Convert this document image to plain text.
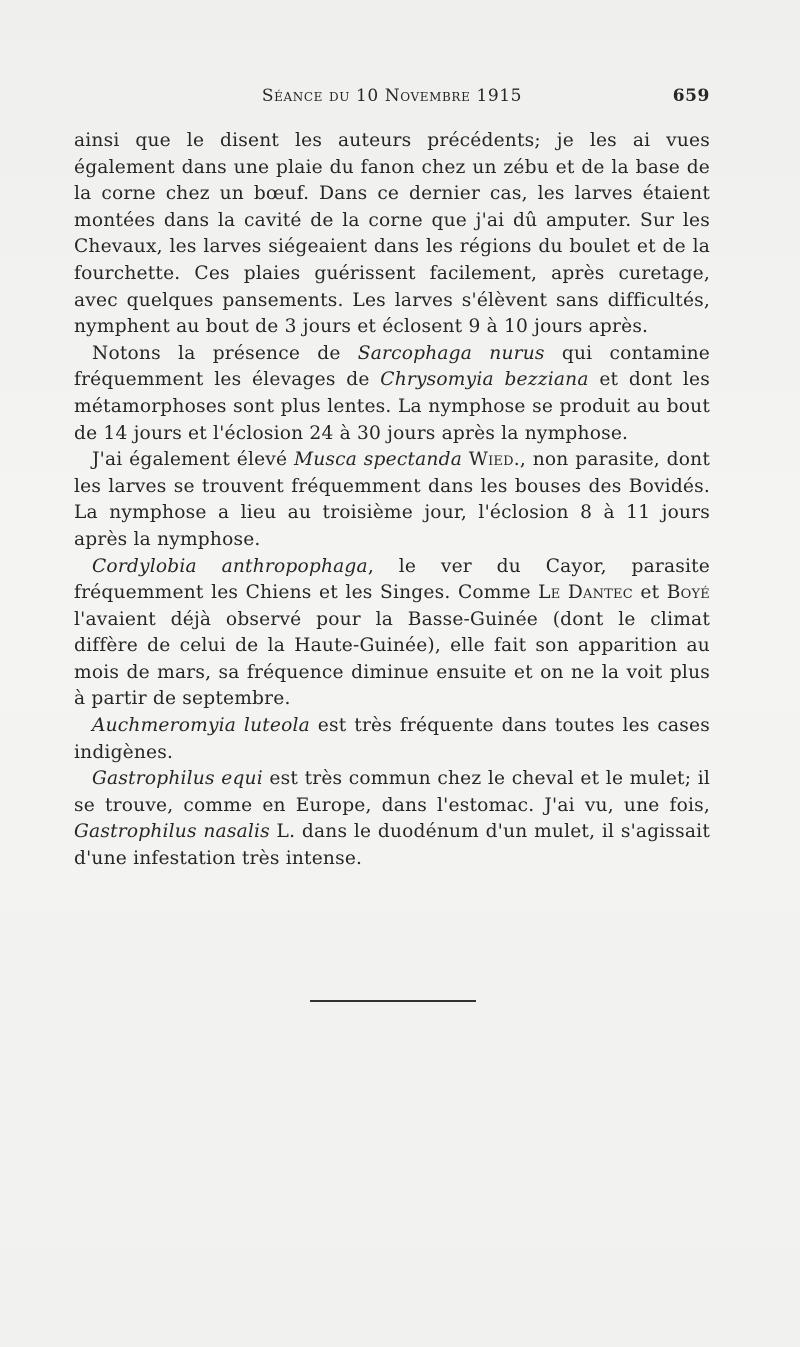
Séance du 10 Novembre 1915	659

ainsi que le disent les auteurs précédents; je les ai vues également dans une plaie du fanon chez un zébu et de la base de la corne chez un bœuf. Dans ce dernier cas, les larves étaient montées dans la cavité de la corne que j'ai dû amputer. Sur les Chevaux, les larves siégeaient dans les régions du boulet et de la fourchette. Ces plaies guérissent facilement, après curetage, avec quelques pansements. Les larves s'élèvent sans difficultés, nymphent au bout de 3 jours et éclosent 9 à 10 jours après.

Notons la présence de Sarcophaga nurus qui contamine fréquemment les élevages de Chrysomyia bezziana et dont les métamorphoses sont plus lentes. La nymphose se produit au bout de 14 jours et l'éclosion 24 à 30 jours après la nymphose.

J'ai également élevé Musca spectanda Wied., non parasite, dont les larves se trouvent fréquemment dans les bouses des Bovidés. La nymphose a lieu au troisième jour, l'éclosion 8 à 11 jours après la nymphose.

Cordylobia anthropophaga, le ver du Cayor, parasite fréquemment les Chiens et les Singes. Comme Le Dantec et Boyé l'avaient déjà observé pour la Basse-Guinée (dont le climat diffère de celui de la Haute-Guinée), elle fait son apparition au mois de mars, sa fréquence diminue ensuite et on ne la voit plus à partir de septembre.

Auchmeromyia luteola est très fréquente dans toutes les cases indigènes.

Gastrophilus equi est très commun chez le cheval et le mulet; il se trouve, comme en Europe, dans l'estomac. J'ai vu, une fois, Gastrophilus nasalis L. dans le duodénum d'un mulet, il s'agissait d'une infestation très intense.
